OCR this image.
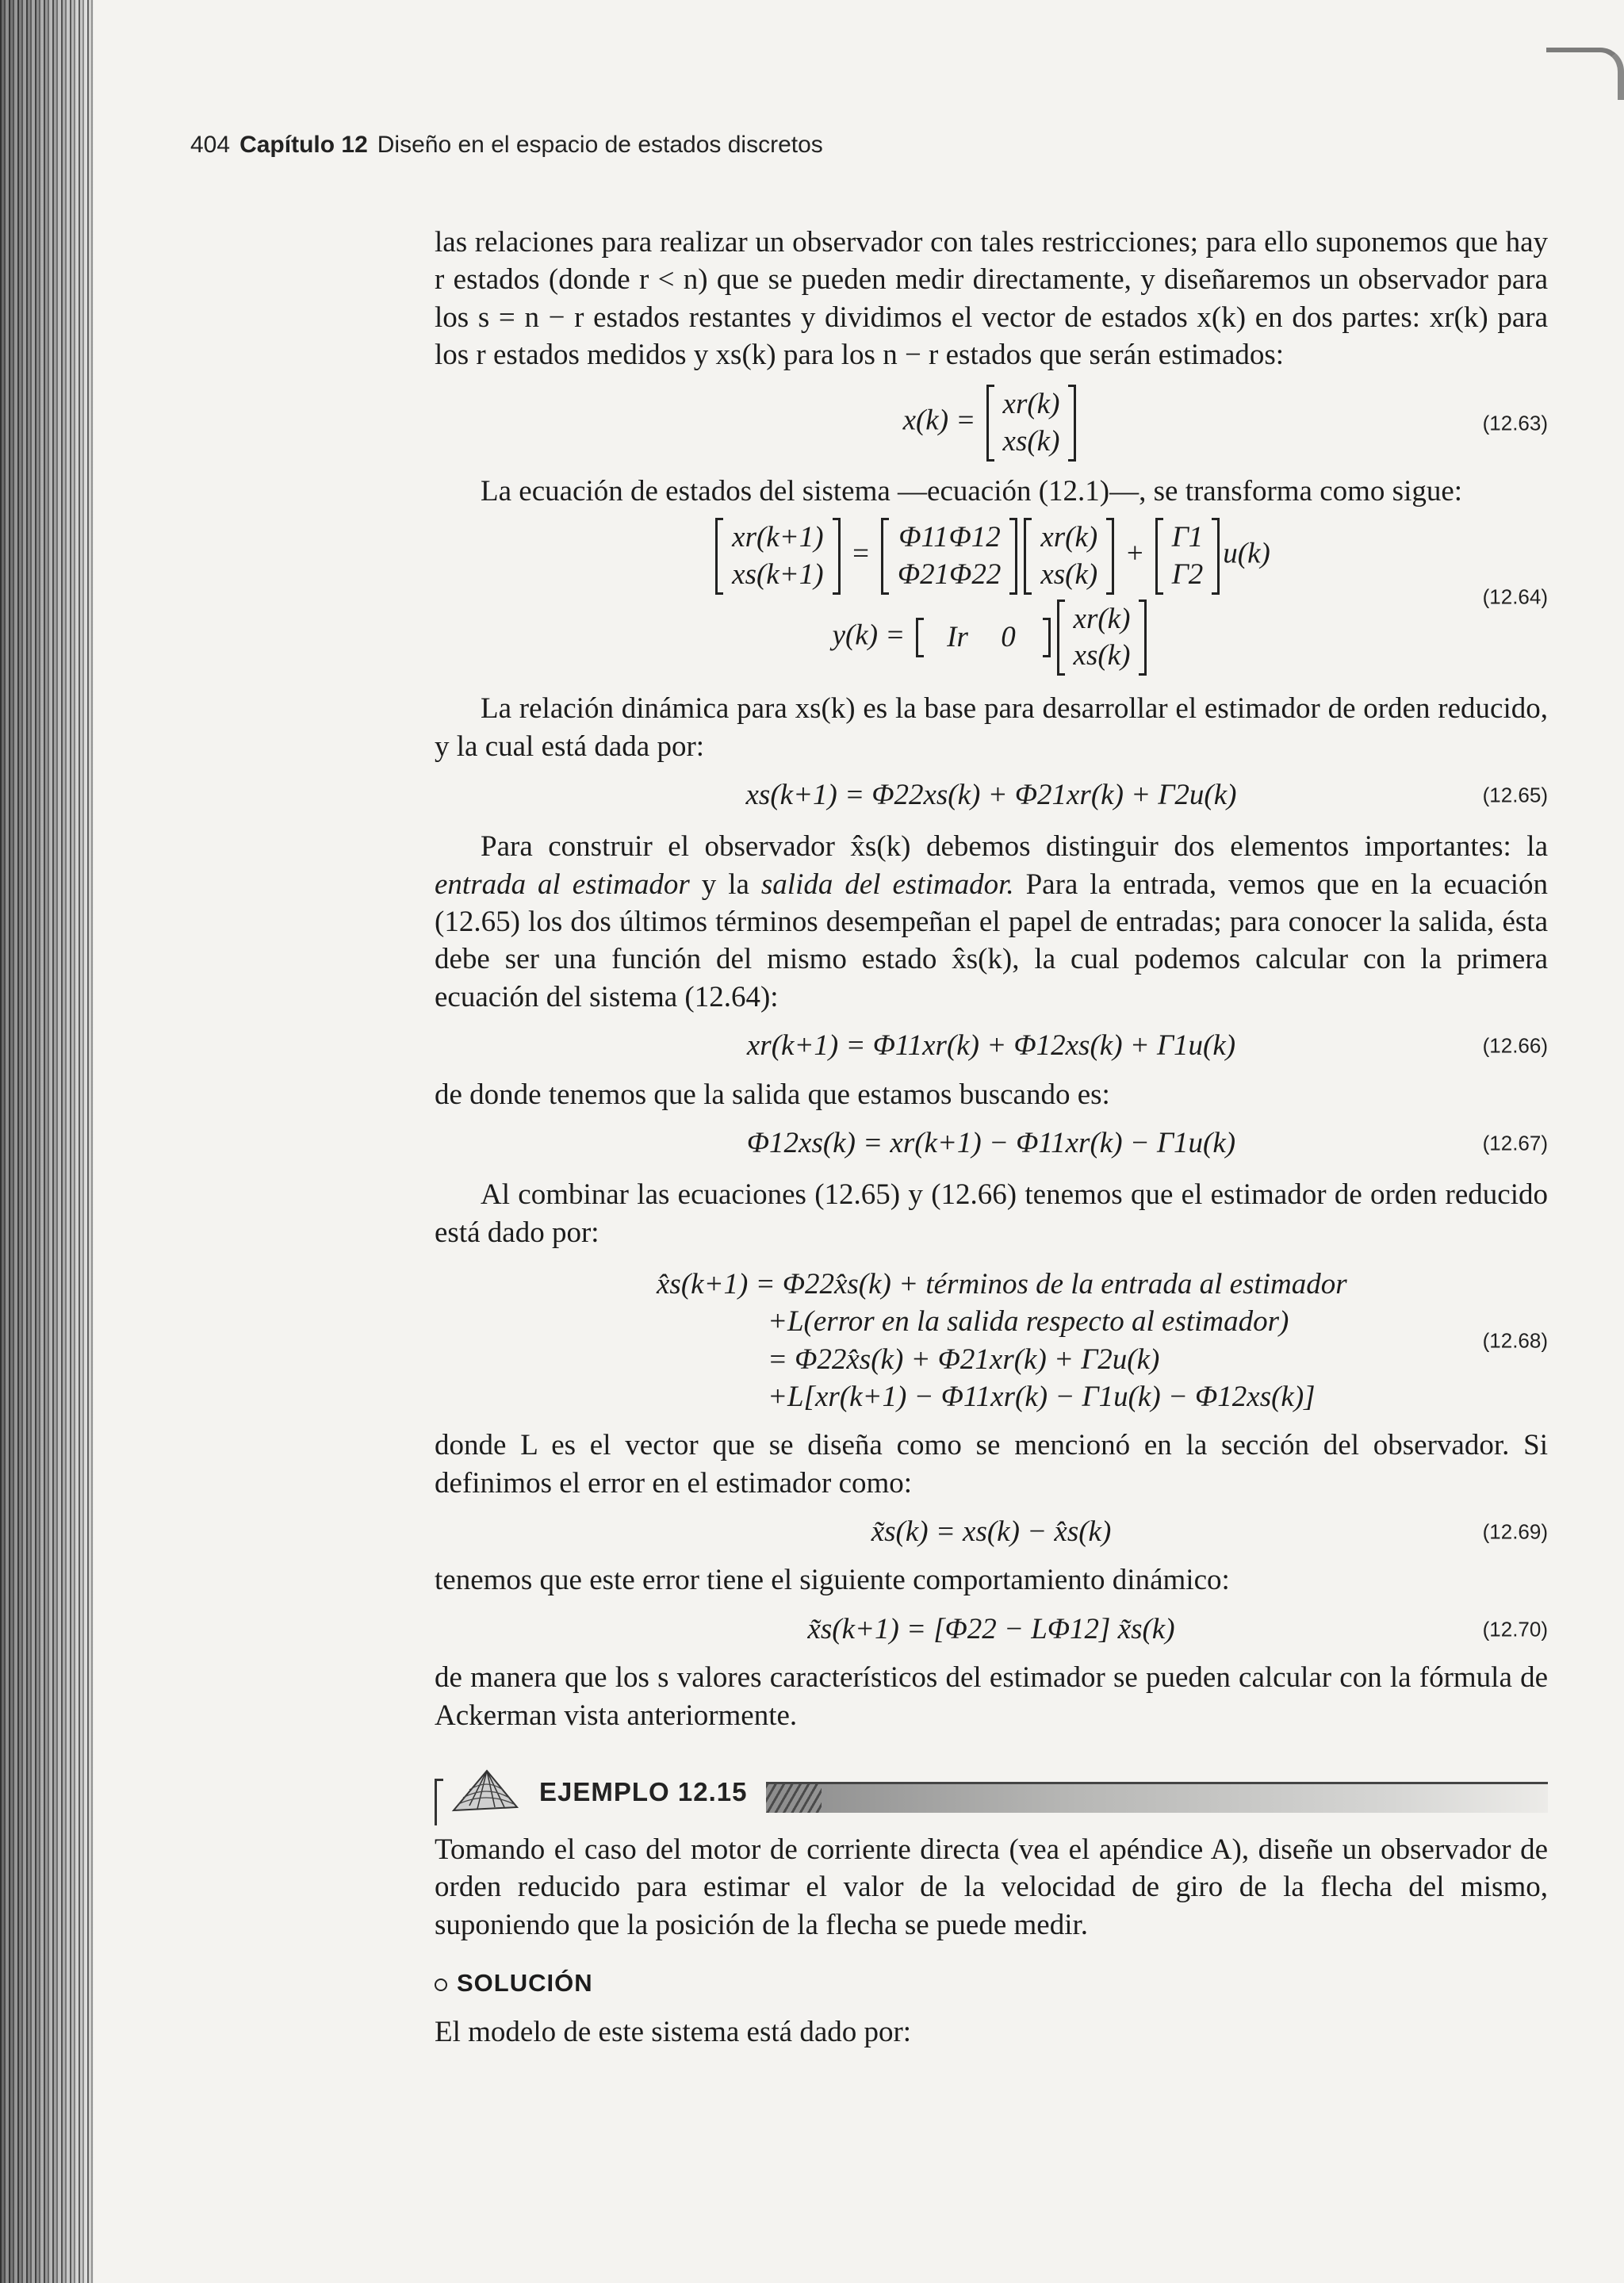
404 Capítulo 12 Diseño en el espacio de estados discretos

las relaciones para realizar un observador con tales restricciones; para ello suponemos que hay r estados (donde r < n) que se pueden medir directamente, y diseñaremos un observador para los s = n − r estados restantes y dividimos el vector de estados x(k) en dos partes: xr(k) para los r estados medidos y xs(k) para los n − r estados que serán estimados:

x(k) =
xr(k)
xs(k)
(12.63)

La ecuación de estados del sistema —ecuación (12.1)—, se transforma como sigue:

xr(k+1)
xs(k+1)
=
Φ11Φ12
Φ21Φ22
xr(k)
xs(k)
+
Γ1
Γ2
u(k)
y(k) =	Ir 0
xr(k)
xs(k)
(12.64)

La relación dinámica para xs(k) es la base para desarrollar el estimador de orden reducido, y la cual está dada por:

xs(k+1) = Φ22xs(k) + Φ21xr(k) + Γ2u(k)	(12.65)

Para construir el observador x̂s(k) debemos distinguir dos elementos importantes: la entrada al estimador y la salida del estimador. Para la entrada, vemos que en la ecuación (12.65) los dos últimos términos desempeñan el papel de entradas; para conocer la salida, ésta debe ser una función del mismo estado x̂s(k), la cual podemos calcular con la primera ecuación del sistema (12.64):

xr(k+1) = Φ11xr(k) + Φ12xs(k) + Γ1u(k)	(12.66)

de donde tenemos que la salida que estamos buscando es:

Φ12xs(k) = xr(k+1) − Φ11xr(k) − Γ1u(k)	(12.67)

Al combinar las ecuaciones (12.65) y (12.66) tenemos que el estimador de orden reducido está dado por:

x̂s(k+1) = Φ22x̂s(k) + términos de la entrada al estimador
+L(error en la salida respecto al estimador)
= Φ22x̂s(k) + Φ21xr(k) + Γ2u(k)
+L[xr(k+1) − Φ11xr(k) − Γ1u(k) − Φ12xs(k)]
(12.68)

donde L es el vector que se diseña como se mencionó en la sección del observador. Si definimos el error en el estimador como:

x̃s(k) = xs(k) − x̂s(k)	(12.69)

tenemos que este error tiene el siguiente comportamiento dinámico:

x̃s(k+1) = [Φ22 − LΦ12] x̃s(k)	(12.70)

de manera que los s valores característicos del estimador se pueden calcular con la fórmula de Ackerman vista anteriormente.

EJEMPLO 12.15

Tomando el caso del motor de corriente directa (vea el apéndice A), diseñe un observador de orden reducido para estimar el valor de la velocidad de giro de la flecha del mismo, suponiendo que la posición de la flecha se puede medir.

SOLUCIÓN

El modelo de este sistema está dado por:
